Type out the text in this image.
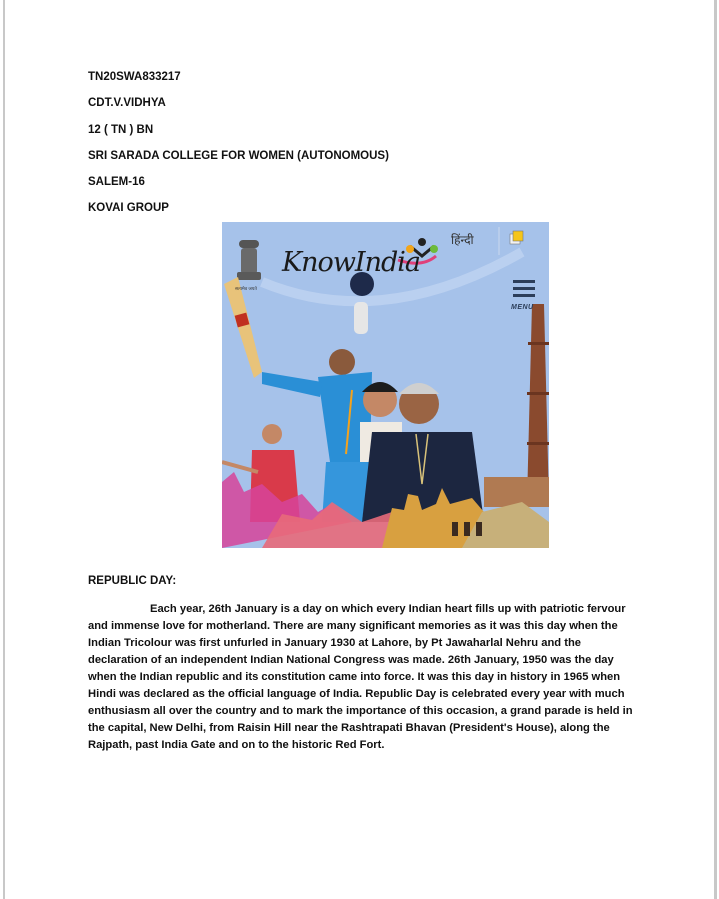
TN20SWA833217
CDT.V.VIDHYA
12 ( TN ) BN
SRI SARADA COLLEGE FOR WOMEN (AUTONOMOUS)
SALEM-16
KOVAI GROUP
KnowIndia
सत्यमेव जयते
हिंन्दी
MENU
REPUBLIC DAY:
Each year, 26th January is a day on which every Indian heart fills up with patriotic fervour and immense love for motherland. There are many significant memories as it was this day when the Indian Tricolour was first unfurled in January 1930 at Lahore, by Pt Jawaharlal Nehru and the declaration of an independent Indian National Congress was made. 26th January, 1950 was the day when the Indian republic and its constitution came into force. It was this day in history in 1965 when Hindi was declared as the official language of India. Republic Day is celebrated every year with much enthusiasm all over the country and to mark the importance of this occasion, a grand parade is held in the capital, New Delhi, from Raisin Hill near the Rashtrapati Bhavan (President's House), along the Rajpath, past India Gate and on to the historic Red Fort.
